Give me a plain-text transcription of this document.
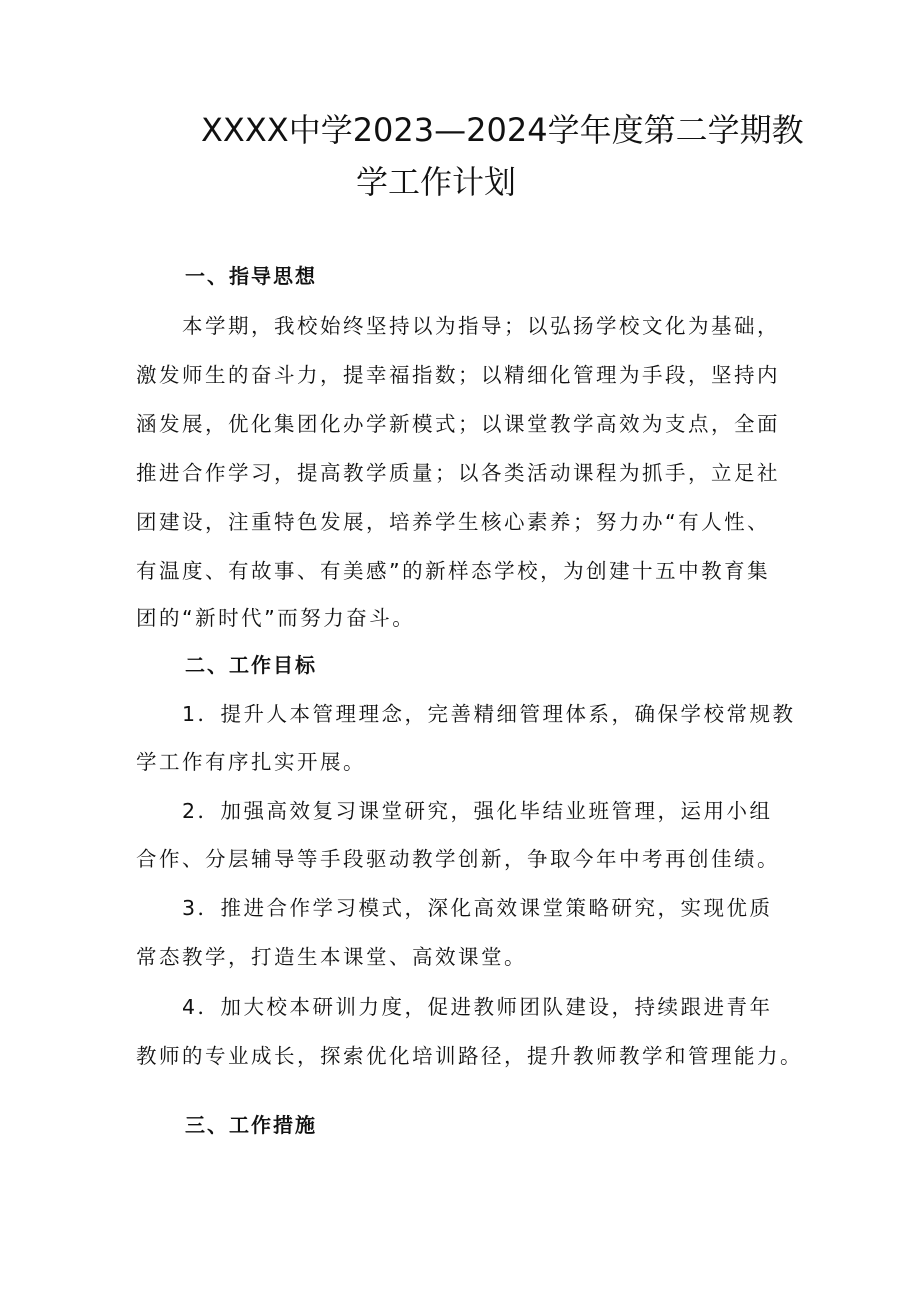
XXXX中学2023—2024学年度第二学期教
学工作计划
一、指导思想
本学期，我校始终坚持以为指导；以弘扬学校文化为基础，
激发师生的奋斗力，提幸福指数；以精细化管理为手段，坚持内
涵发展，优化集团化办学新模式；以课堂教学高效为支点，全面
推进合作学习，提高教学质量；以各类活动课程为抓手，立足社
团建设，注重特色发展，培养学生核心素养；努力办“有人性、
有温度、有故事、有美感”的新样态学校，为创建十五中教育集
团的“新时代”而努力奋斗。
二、工作目标
1．提升人本管理理念，完善精细管理体系，确保学校常规教
学工作有序扎实开展。
2．加强高效复习课堂研究，强化毕结业班管理，运用小组
合作、分层辅导等手段驱动教学创新，争取今年中考再创佳绩。
3．推进合作学习模式，深化高效课堂策略研究，实现优质
常态教学，打造生本课堂、高效课堂。
4．加大校本研训力度，促进教师团队建设，持续跟进青年
教师的专业成长，探索优化培训路径，提升教师教学和管理能力。
三、工作措施
